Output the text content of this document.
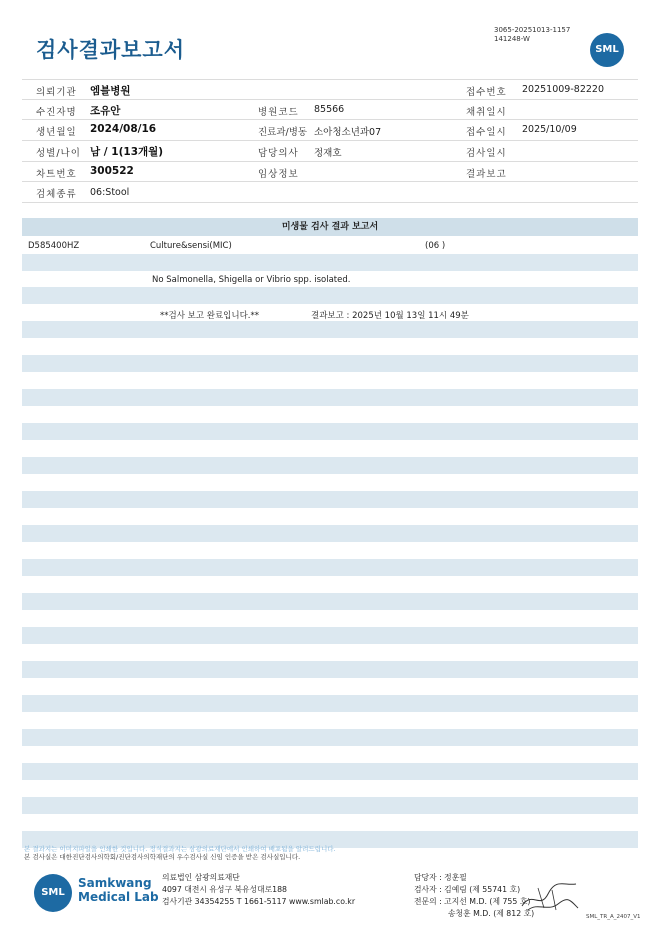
검사결과보고서
3065-20251013-1157
141248-W
SML
의뢰기관 엠블병원	접수번호 20251009-82220
수진자명 조유안	병원코드 85566	채취일시
생년월일 2024/08/16	진료과/병동 소아청소년과07	접수일시 2025/10/09
성별/나이 남 / 1(13개월)	담당의사 정재호	검사일시
차트번호 300522	임상정보	결과보고
검체종류 06:Stool
미생물 검사 결과 보고서
D585400HZ	Culture&sensi(MIC)	(06 )
No Salmonella, Shigella or Vibrio spp. isolated.
**검사 보고 완료입니다.**	결과보고 : 2025년 10월 13일 11시 49분
본 결과지는 이미지파일을 인쇄한 것입니다. 정식결과지는 삼광의료재단에서 인쇄하여 배포됨을 알려드립니다.
본 검사실은 대한진단검사의학회/진단검사의학재단의 우수검사실 신임 인증을 받은 검사실입니다.
SML
Samkwang
Medical Lab
의료법인 삼광의료재단
4097 대전시 유성구 북유성대로188
검사기관 34354255 T 1661-5117 www.smlab.co.kr
담당자 : 정훈필
검사자 : 김예림 (제 55741 호)
전문의 : 고지선 M.D. (제 755 호)
송청훈 M.D. (제 812 호)	SML_TR_A_2407_V1
